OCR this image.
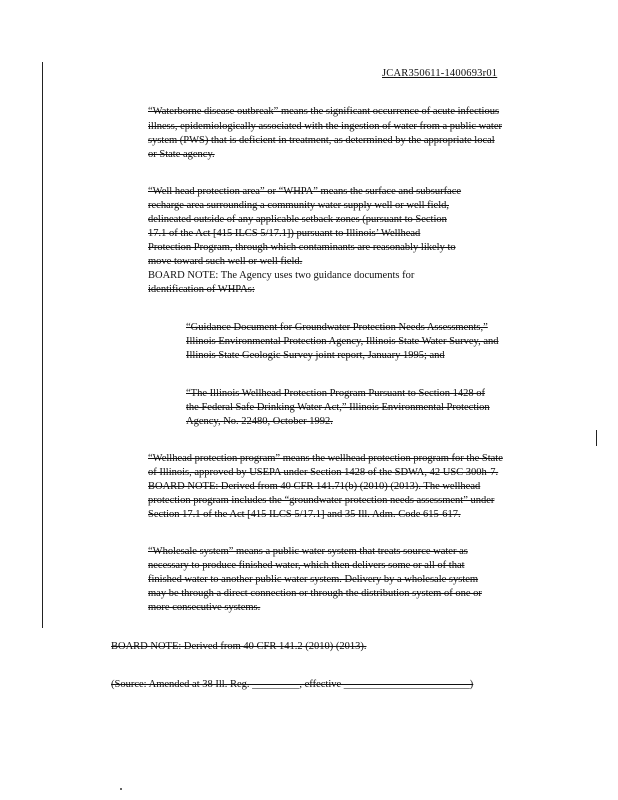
JCAR350611-1400693r01
“Waterborne disease outbreak” means the significant occurrence of acute infectious
illness, epidemiologically associated with the ingestion of water from a public water
system (PWS) that is deficient in treatment, as determined by the appropriate local
or State agency.
“Well head protection area” or “WHPA” means the surface and subsurface
recharge area surrounding a community water supply well or well field,
delineated outside of any applicable setback zones (pursuant to Section
17.1 of the Act [415 ILCS 5/17.1]) pursuant to Illinois’ Wellhead
Protection Program, through which contaminants are reasonably likely to
move toward such well or well field.
BOARD NOTE: The Agency uses two guidance documents for
identification of WHPAs:
“Guidance Document for Groundwater Protection Needs Assessments,”
Illinois Environmental Protection Agency, Illinois State Water Survey, and
Illinois State Geologic Survey joint report, January 1995; and
“The Illinois Wellhead Protection Program Pursuant to Section 1428 of
the Federal Safe Drinking Water Act,” Illinois Environmental Protection
Agency, No. 22480, October 1992.
“Wellhead protection program” means the wellhead protection program for the State
of Illinois, approved by USEPA under Section 1428 of the SDWA, 42 USC 300h-7.
BOARD NOTE: Derived from 40 CFR 141.71(b) (2010) (2013). The wellhead
protection program includes the “groundwater protection needs assessment” under
Section 17.1 of the Act [415 ILCS 5/17.1] and 35 Ill. Adm. Code 615-617.
“Wholesale system” means a public water system that treats source water as
necessary to produce finished water, which then delivers some or all of that
finished water to another public water system. Delivery by a wholesale system
may be through a direct connection or through the distribution system of one or
more consecutive systems.
BOARD NOTE: Derived from 40 CFR 141.2 (2010) (2013).
(Source: Amended at 38 Ill. Reg. _________, effective ________________________)
